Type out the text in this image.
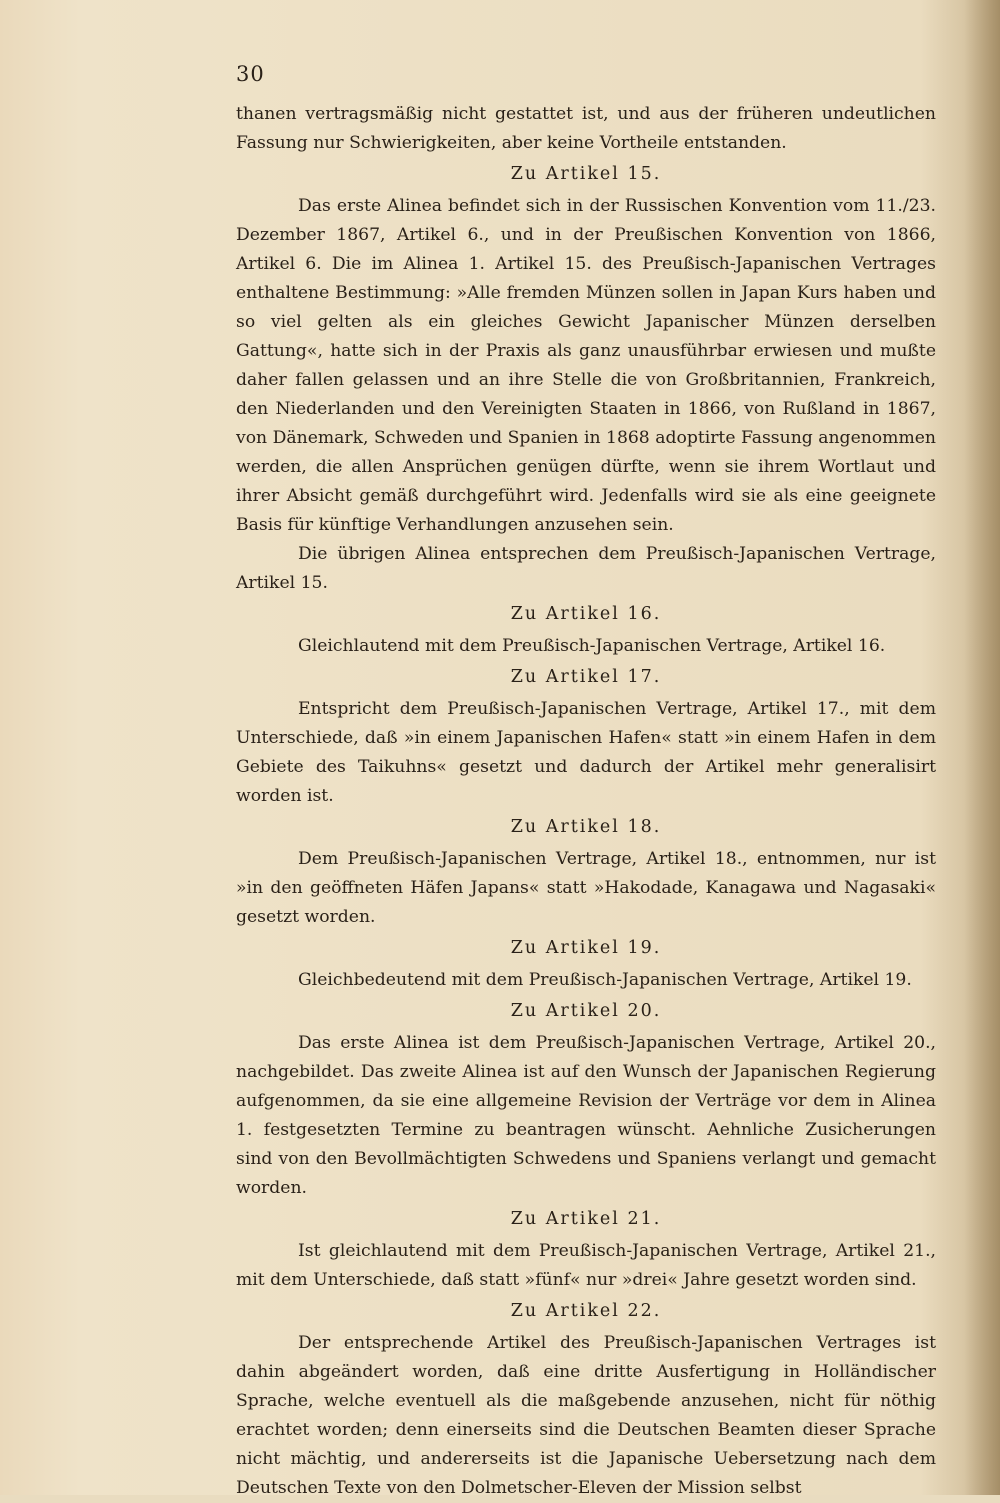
30

thanen vertragsmäßig nicht gestattet ist, und aus der früheren undeutlichen Fassung nur Schwierigkeiten, aber keine Vortheile entstanden.

Zu Artikel 15.

Das erste Alinea befindet sich in der Russischen Konvention vom 11./23. Dezember 1867, Artikel 6., und in der Preußischen Konvention von 1866, Artikel 6. Die im Alinea 1. Artikel 15. des Preußisch-Japanischen Vertrages enthaltene Bestimmung: »Alle fremden Münzen sollen in Japan Kurs haben und so viel gelten als ein gleiches Gewicht Japanischer Münzen derselben Gattung«, hatte sich in der Praxis als ganz unausführbar erwiesen und mußte daher fallen gelassen und an ihre Stelle die von Großbritannien, Frankreich, den Niederlanden und den Vereinigten Staaten in 1866, von Rußland in 1867, von Dänemark, Schweden und Spanien in 1868 adoptirte Fassung angenommen werden, die allen Ansprüchen genügen dürfte, wenn sie ihrem Wortlaut und ihrer Absicht gemäß durchgeführt wird. Jedenfalls wird sie als eine geeignete Basis für künftige Verhandlungen anzusehen sein.

Die übrigen Alinea entsprechen dem Preußisch-Japanischen Vertrage, Artikel 15.

Zu Artikel 16.

Gleichlautend mit dem Preußisch-Japanischen Vertrage, Artikel 16.

Zu Artikel 17.

Entspricht dem Preußisch-Japanischen Vertrage, Artikel 17., mit dem Unterschiede, daß »in einem Japanischen Hafen« statt »in einem Hafen in dem Gebiete des Taikuhns« gesetzt und dadurch der Artikel mehr generalisirt worden ist.

Zu Artikel 18.

Dem Preußisch-Japanischen Vertrage, Artikel 18., entnommen, nur ist »in den geöffneten Häfen Japans« statt »Hakodade, Kanagawa und Nagasaki« gesetzt worden.

Zu Artikel 19.

Gleichbedeutend mit dem Preußisch-Japanischen Vertrage, Artikel 19.

Zu Artikel 20.

Das erste Alinea ist dem Preußisch-Japanischen Vertrage, Artikel 20., nachgebildet. Das zweite Alinea ist auf den Wunsch der Japanischen Regierung aufgenommen, da sie eine allgemeine Revision der Verträge vor dem in Alinea 1. festgesetzten Termine zu beantragen wünscht. Aehnliche Zusicherungen sind von den Bevollmächtigten Schwedens und Spaniens verlangt und gemacht worden.

Zu Artikel 21.

Ist gleichlautend mit dem Preußisch-Japanischen Vertrage, Artikel 21., mit dem Unterschiede, daß statt »fünf« nur »drei« Jahre gesetzt worden sind.

Zu Artikel 22.

Der entsprechende Artikel des Preußisch-Japanischen Vertrages ist dahin abgeändert worden, daß eine dritte Ausfertigung in Holländischer Sprache, welche eventuell als die maßgebende anzusehen, nicht für nöthig erachtet worden; denn einerseits sind die Deutschen Beamten dieser Sprache nicht mächtig, und andererseits ist die Japanische Uebersetzung nach dem Deutschen Texte von den Dolmetscher-Eleven der Mission selbst
